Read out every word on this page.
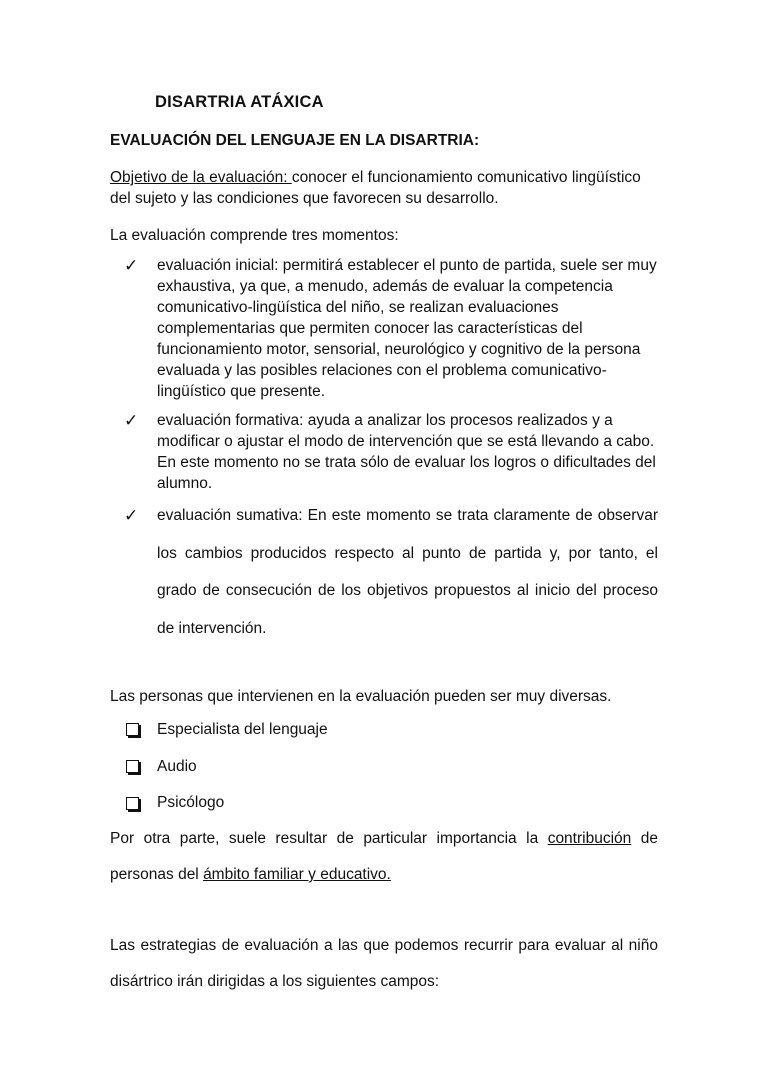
DISARTRIA ATÁXICA
EVALUACIÓN DEL LENGUAJE EN LA DISARTRIA:
Objetivo de la evaluación: conocer el funcionamiento comunicativo lingüístico del sujeto y las condiciones que favorecen su desarrollo.
La evaluación comprende tres momentos:
✓ evaluación inicial: permitirá establecer el punto de partida, suele ser muy exhaustiva, ya que, a menudo, además de evaluar la competencia comunicativo-lingüística del niño, se realizan evaluaciones complementarias que permiten conocer las características del funcionamiento motor, sensorial, neurológico y cognitivo de la persona evaluada y las posibles relaciones con el problema comunicativo-lingüístico que presente.
✓ evaluación formativa: ayuda a analizar los procesos realizados y a modificar o ajustar el modo de intervención que se está llevando a cabo. En este momento no se trata sólo de evaluar los logros o dificultades del alumno.
✓ evaluación sumativa: En este momento se trata claramente de observar los cambios producidos respecto al punto de partida y, por tanto, el grado de consecución de los objetivos propuestos al inicio del proceso de intervención.
Las personas que intervienen en la evaluación pueden ser muy diversas.
Especialista del lenguaje
Audio
Psicólogo
Por otra parte, suele resultar de particular importancia la contribución de
personas del ámbito familiar y educativo.
Las estrategias de evaluación a las que podemos recurrir para evaluar al niño
disártrico irán dirigidas a los siguientes campos:
